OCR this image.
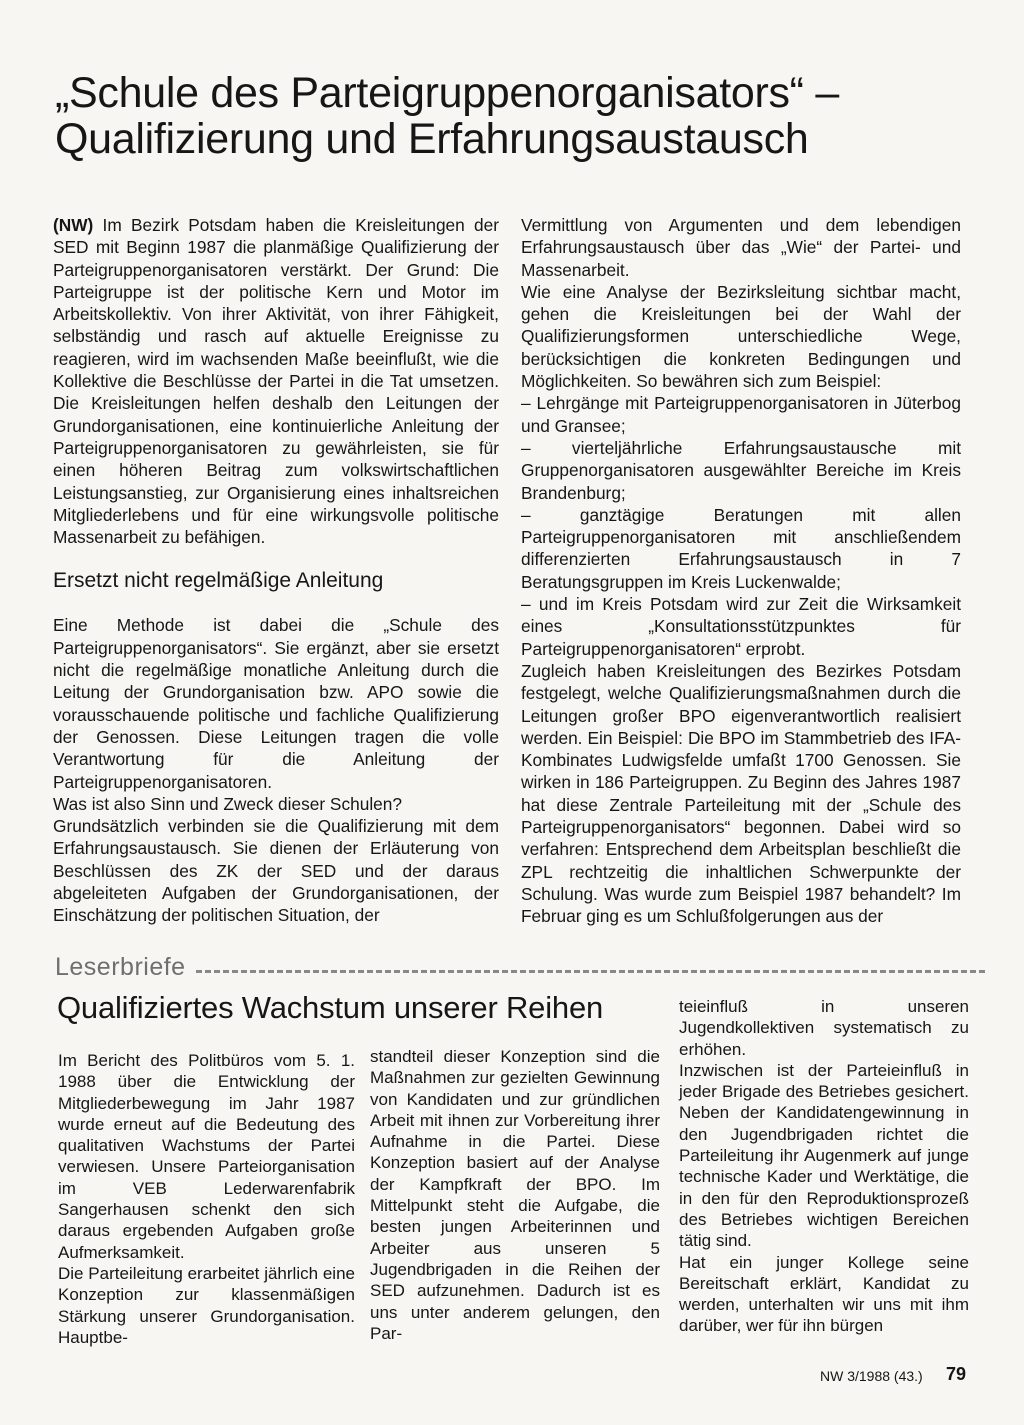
„Schule des Parteigruppenorganisators“ – Qualifizierung und Erfahrungsaustausch

(NW) Im Bezirk Potsdam haben die Kreisleitungen der SED mit Beginn 1987 die planmäßige Qualifizierung der Parteigruppenorganisatoren verstärkt. Der Grund: Die Parteigruppe ist der politische Kern und Motor im Arbeitskollektiv. Von ihrer Aktivität, von ihrer Fähigkeit, selbständig und rasch auf aktuelle Ereignisse zu reagieren, wird im wachsenden Maße beeinflußt, wie die Kollektive die Beschlüsse der Partei in die Tat umsetzen. Die Kreisleitungen helfen deshalb den Leitungen der Grundorganisationen, eine kontinuierliche Anleitung der Parteigruppenorganisatoren zu gewährleisten, sie für einen höheren Beitrag zum volkswirtschaftlichen Leistungsanstieg, zur Organisierung eines inhaltsreichen Mitgliederlebens und für eine wirkungsvolle politische Massenarbeit zu befähigen.

Ersetzt nicht regelmäßige Anleitung

Eine Methode ist dabei die „Schule des Parteigruppenorganisators“. Sie ergänzt, aber sie ersetzt nicht die regelmäßige monatliche Anleitung durch die Leitung der Grundorganisation bzw. APO sowie die vorausschauende politische und fachliche Qualifizierung der Genossen. Diese Leitungen tragen die volle Verantwortung für die Anleitung der Parteigruppenorganisatoren.

Was ist also Sinn und Zweck dieser Schulen?

Grundsätzlich verbinden sie die Qualifizierung mit dem Erfahrungsaustausch. Sie dienen der Erläuterung von Beschlüssen des ZK der SED und der daraus abgeleiteten Aufgaben der Grundorganisationen, der Einschätzung der politischen Situation, der

Vermittlung von Argumenten und dem lebendigen Erfahrungsaustausch über das „Wie“ der Partei- und Massenarbeit.

Wie eine Analyse der Bezirksleitung sichtbar macht, gehen die Kreisleitungen bei der Wahl der Qualifizierungsformen unterschiedliche Wege, berücksichtigen die konkreten Bedingungen und Möglichkeiten. So bewähren sich zum Beispiel:

– Lehrgänge mit Parteigruppenorganisatoren in Jüterbog und Gransee;

– vierteljährliche Erfahrungsaustausche mit Gruppenorganisatoren ausgewählter Bereiche im Kreis Brandenburg;

– ganztägige Beratungen mit allen Parteigruppenorganisatoren mit anschließendem differenzierten Erfahrungsaustausch in 7 Beratungsgruppen im Kreis Luckenwalde;

– und im Kreis Potsdam wird zur Zeit die Wirksamkeit eines „Konsultationsstützpunktes für Parteigruppenorganisatoren“ erprobt.

Zugleich haben Kreisleitungen des Bezirkes Potsdam festgelegt, welche Qualifizierungsmaßnahmen durch die Leitungen großer BPO eigenverantwortlich realisiert werden. Ein Beispiel: Die BPO im Stammbetrieb des IFA-Kombinates Ludwigsfelde umfaßt 1700 Genossen. Sie wirken in 186 Parteigruppen. Zu Beginn des Jahres 1987 hat diese Zentrale Parteileitung mit der „Schule des Parteigruppenorganisators“ begonnen. Dabei wird so verfahren: Entsprechend dem Arbeitsplan beschließt die ZPL rechtzeitig die inhaltlichen Schwerpunkte der Schulung. Was wurde zum Beispiel 1987 behandelt? Im Februar ging es um Schlußfolgerungen aus der

Leserbriefe
Qualifiziertes Wachstum unserer Reihen

Im Bericht des Politbüros vom 5. 1. 1988 über die Entwicklung der Mitgliederbewegung im Jahr 1987 wurde erneut auf die Bedeutung des qualitativen Wachstums der Partei verwiesen. Unsere Parteiorganisation im VEB Lederwarenfabrik Sangerhausen schenkt den sich daraus ergebenden Aufgaben große Aufmerksamkeit.

Die Parteileitung erarbeitet jährlich eine Konzeption zur klassenmäßigen Stärkung unserer Grundorganisation. Hauptbe-

standteil dieser Konzeption sind die Maßnahmen zur gezielten Gewinnung von Kandidaten und zur gründlichen Arbeit mit ihnen zur Vorbereitung ihrer Aufnahme in die Partei. Diese Konzeption basiert auf der Analyse der Kampfkraft der BPO. Im Mittelpunkt steht die Aufgabe, die besten jungen Arbeiterinnen und Arbeiter aus unseren 5 Jugendbrigaden in die Reihen der SED aufzunehmen. Dadurch ist es uns unter anderem gelungen, den Par-

teieinfluß in unseren Jugendkollektiven systematisch zu erhöhen.

Inzwischen ist der Parteieinfluß in jeder Brigade des Betriebes gesichert. Neben der Kandidatengewinnung in den Jugendbrigaden richtet die Parteileitung ihr Augenmerk auf junge technische Kader und Werktätige, die in den für den Reproduktionsprozeß des Betriebes wichtigen Bereichen tätig sind.

Hat ein junger Kollege seine Bereitschaft erklärt, Kandidat zu werden, unterhalten wir uns mit ihm darüber, wer für ihn bürgen

NW 3/1988 (43.) 79
